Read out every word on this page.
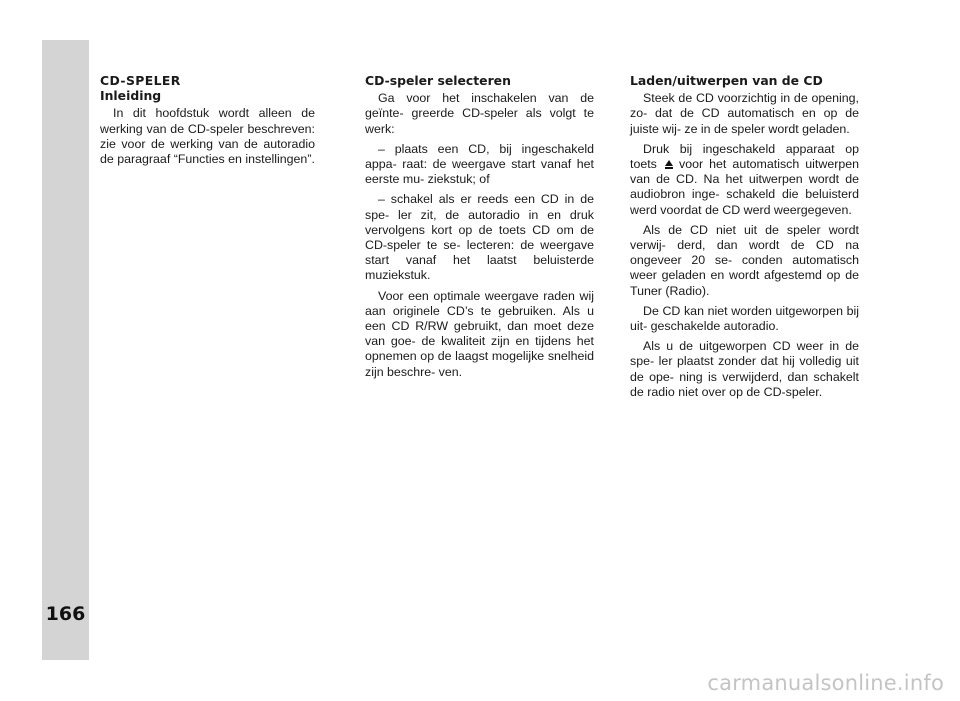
WEGWIJS IN UW AUTO
166
CD-SPELER
Inleiding

In dit hoofdstuk wordt alleen de werking van de CD-speler beschreven: zie voor de werking van de autoradio de paragraaf “Functies en instellingen”.

CD-speler selecteren

Ga voor het inschakelen van de geïnte- greerde CD-speler als volgt te werk:

– plaats een CD, bij ingeschakeld appa- raat: de weergave start vanaf het eerste mu- ziekstuk; of

– schakel als er reeds een CD in de spe- ler zit, de autoradio in en druk vervolgens kort op de toets CD om de CD-speler te se- lecteren: de weergave start vanaf het laatst beluisterde muziekstuk.

Voor een optimale weergave raden wij aan originele CD’s te gebruiken. Als u een CD R/RW gebruikt, dan moet deze van goe- de kwaliteit zijn en tijdens het opnemen op de laagst mogelijke snelheid zijn beschre- ven.

Laden/uitwerpen van de CD

Steek de CD voorzichtig in de opening, zo- dat de CD automatisch en op de juiste wij- ze in de speler wordt geladen.

Druk bij ingeschakeld apparaat op toets voor het automatisch uitwerpen van de CD. Na het uitwerpen wordt de audiobron inge- schakeld die beluisterd werd voordat de CD werd weergegeven.

Als de CD niet uit de speler wordt verwij- derd, dan wordt de CD na ongeveer 20 se- conden automatisch weer geladen en wordt afgestemd op de Tuner (Radio).

De CD kan niet worden uitgeworpen bij uit- geschakelde autoradio.

Als u de uitgeworpen CD weer in de spe- ler plaatst zonder dat hij volledig uit de ope- ning is verwijderd, dan schakelt de radio niet over op de CD-speler.

carmanualsonline.info
